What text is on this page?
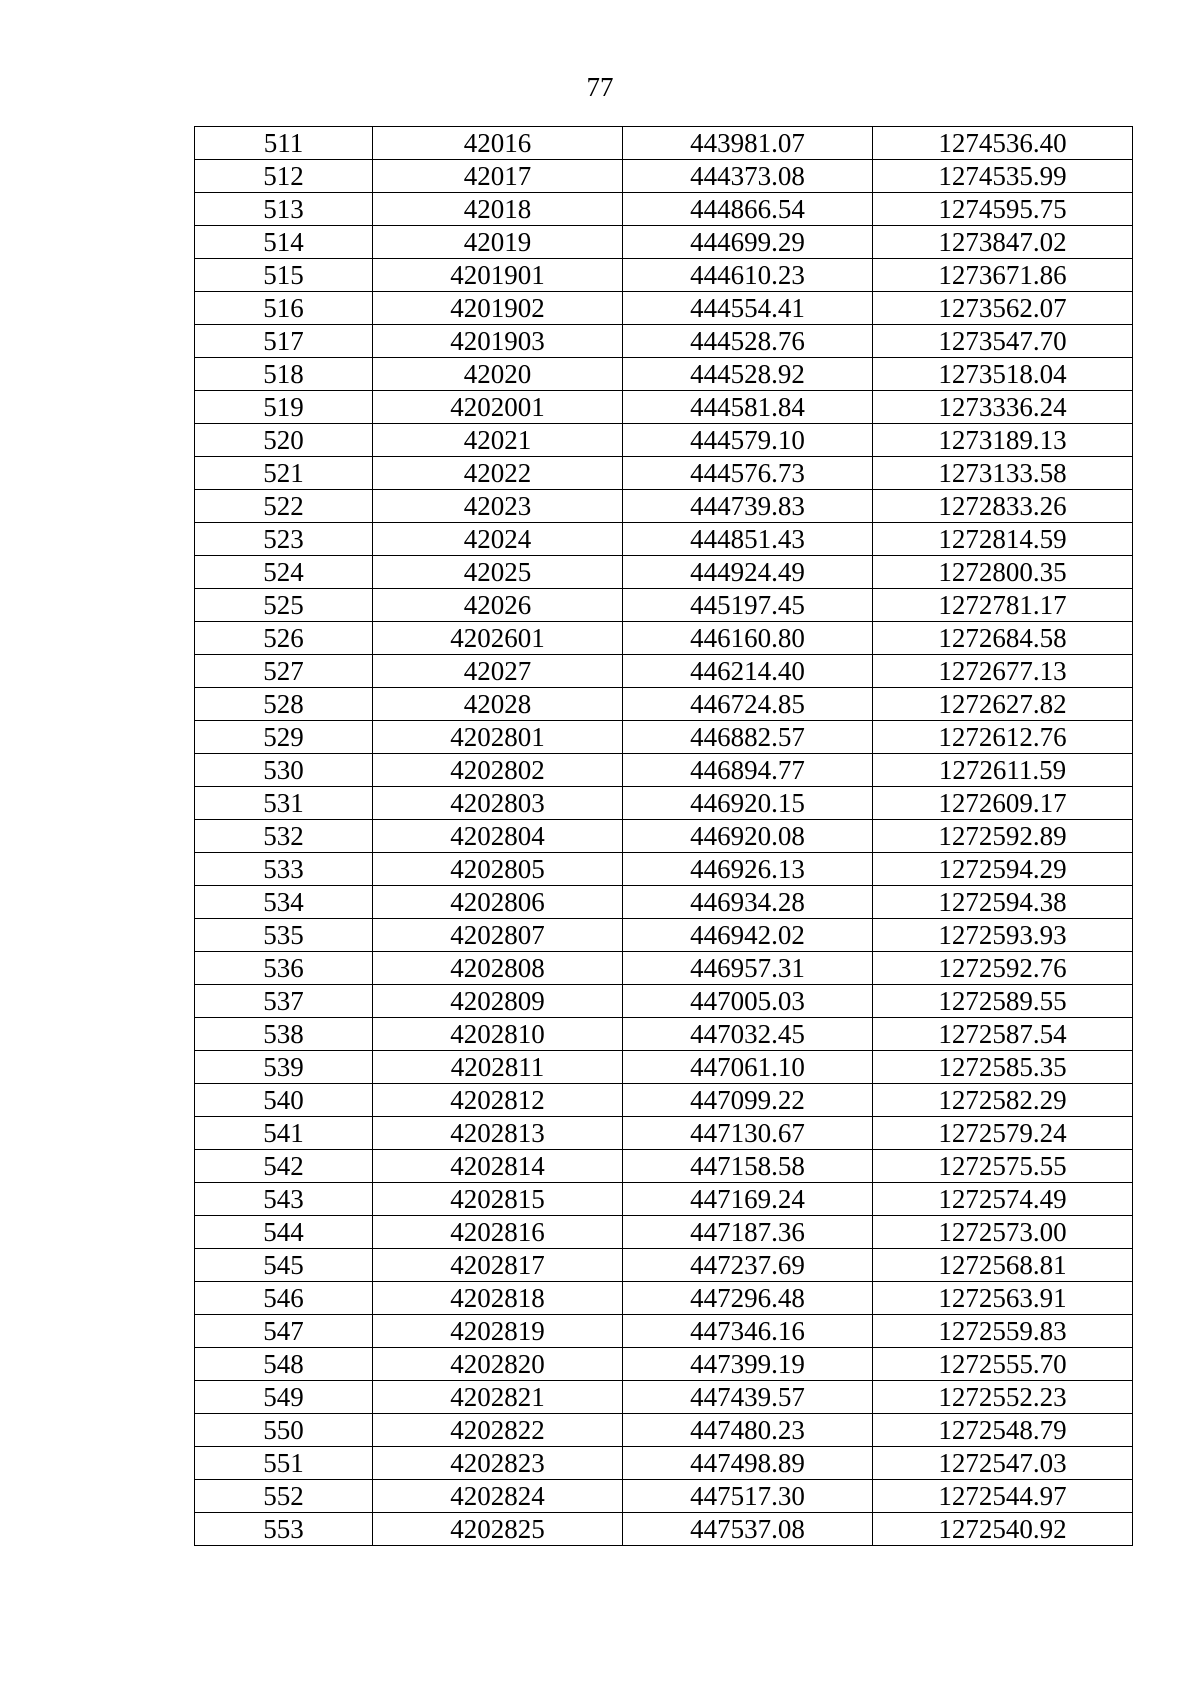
77
511	42016	443981.07	1274536.40
512	42017	444373.08	1274535.99
513	42018	444866.54	1274595.75
514	42019	444699.29	1273847.02
515	4201901	444610.23	1273671.86
516	4201902	444554.41	1273562.07
517	4201903	444528.76	1273547.70
518	42020	444528.92	1273518.04
519	4202001	444581.84	1273336.24
520	42021	444579.10	1273189.13
521	42022	444576.73	1273133.58
522	42023	444739.83	1272833.26
523	42024	444851.43	1272814.59
524	42025	444924.49	1272800.35
525	42026	445197.45	1272781.17
526	4202601	446160.80	1272684.58
527	42027	446214.40	1272677.13
528	42028	446724.85	1272627.82
529	4202801	446882.57	1272612.76
530	4202802	446894.77	1272611.59
531	4202803	446920.15	1272609.17
532	4202804	446920.08	1272592.89
533	4202805	446926.13	1272594.29
534	4202806	446934.28	1272594.38
535	4202807	446942.02	1272593.93
536	4202808	446957.31	1272592.76
537	4202809	447005.03	1272589.55
538	4202810	447032.45	1272587.54
539	4202811	447061.10	1272585.35
540	4202812	447099.22	1272582.29
541	4202813	447130.67	1272579.24
542	4202814	447158.58	1272575.55
543	4202815	447169.24	1272574.49
544	4202816	447187.36	1272573.00
545	4202817	447237.69	1272568.81
546	4202818	447296.48	1272563.91
547	4202819	447346.16	1272559.83
548	4202820	447399.19	1272555.70
549	4202821	447439.57	1272552.23
550	4202822	447480.23	1272548.79
551	4202823	447498.89	1272547.03
552	4202824	447517.30	1272544.97
553	4202825	447537.08	1272540.92
